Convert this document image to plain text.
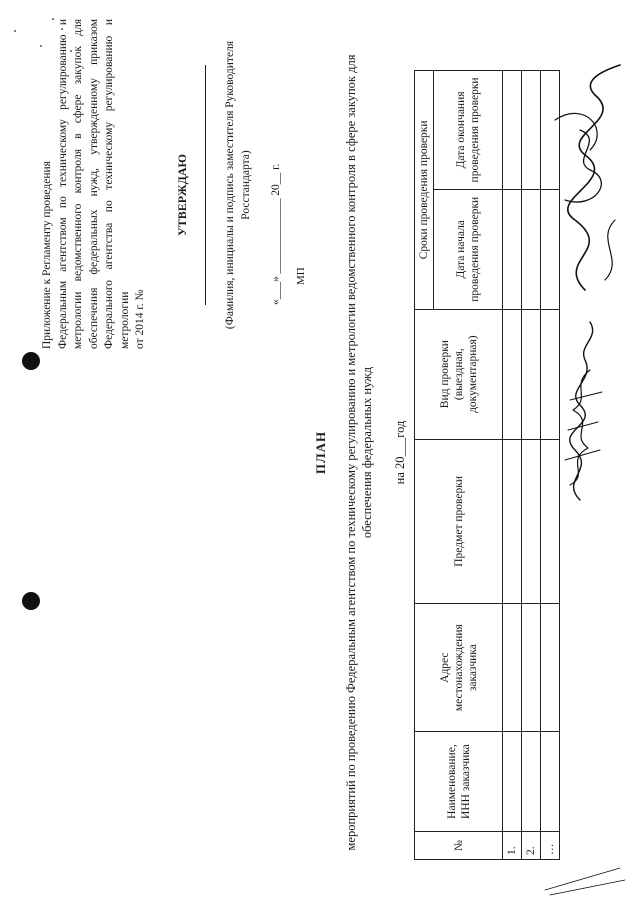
Приложение к Регламенту проведения Федеральным агентством по техническому регулированию и метрологии ведомственного контроля в сфере закупок для обеспечения федеральных нужд, утвержденному приказом Федерального агентства по техническому регулированию и метрологии от 2014 г. №

УТВЕРЖДАЮ	(Фамилия, инициалы и подпись заместителя Руководителя Росстандарта) «___» _____________ 20__ г. МП
ПЛАН мероприятий по проведению Федеральным агентством по техническому регулированию и метрологии ведомственного контроля в сфере закупок для обеспечения федеральных нужд на 20___год
№	Наименование, ИНН заказчика	Адрес местонахождения заказчика	Предмет проверки	Вид проверки (выездная, документарная)	Сроки проведения проверки	
					Дата начала проведения проверки	Дата окончания проведения проверки
1.						
2.						
…						
